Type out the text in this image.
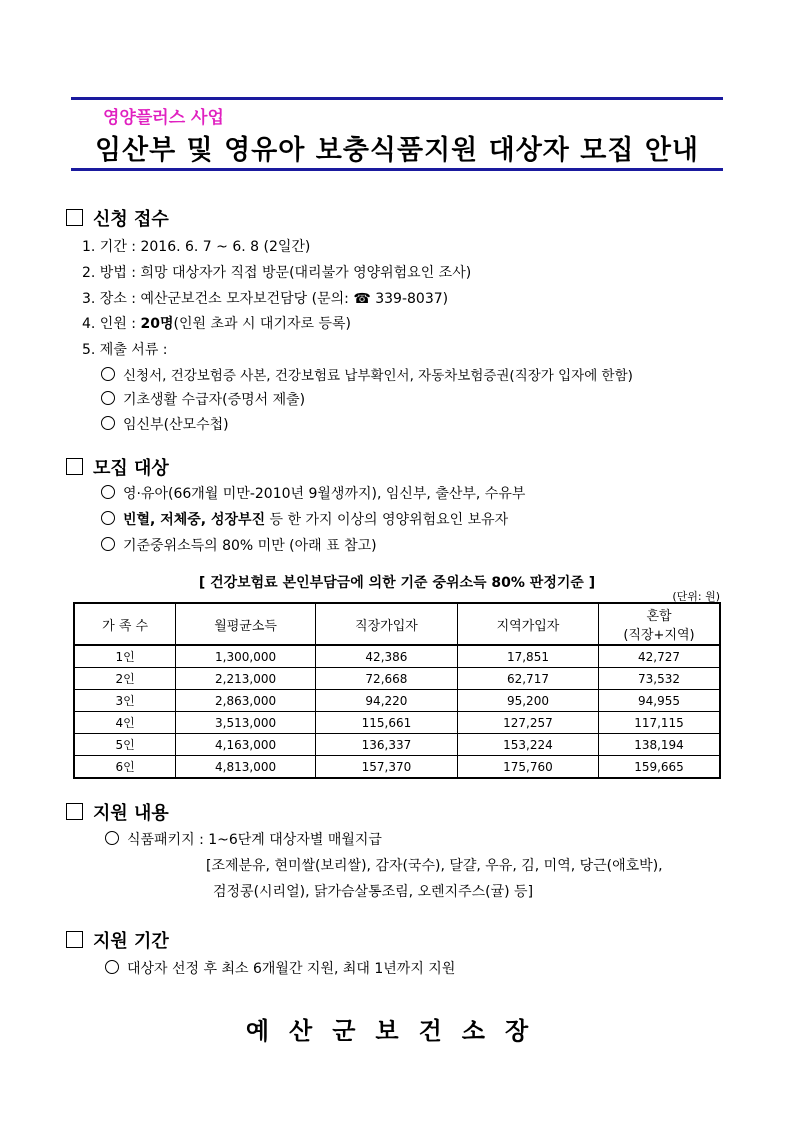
영양플러스 사업
임산부 및 영유아 보충식품지원 대상자 모집 안내
신청 접수
1. 기간 : 2016. 6. 7 ~ 6. 8 (2일간)
2. 방법 : 희망 대상자가 직접 방문(대리불가 영양위험요인 조사)
3. 장소 : 예산군보건소 모자보건담당 (문의: ☎ 339-8037)
4. 인원 : 20명(인원 초과 시 대기자로 등록)
5. 제출 서류 :
신청서, 건강보험증 사본, 건강보험료 납부확인서, 자동차보험증권(직장가 입자에 한함)
기초생활 수급자(증명서 제출)
임신부(산모수첩)
모집 대상
영·유아(66개월 미만-2010년 9월생까지), 임신부, 출산부, 수유부
빈혈, 저체중, 성장부진 등 한 가지 이상의 영양위험요인 보유자
기준중위소득의 80% 미만 (아래 표 참고)
[ 건강보험료 본인부담금에 의한 기준 중위소득 80% 판정기준 ]
(단위: 원)
가 족 수	월평균소득	직장가입자	지역가입자	혼합
(직장+지역)
1인	1,300,000	42,386	17,851	42,727
2인	2,213,000	72,668	62,717	73,532
3인	2,863,000	94,220	95,200	94,955
4인	3,513,000	115,661	127,257	117,115
5인	4,163,000	136,337	153,224	138,194
6인	4,813,000	157,370	175,760	159,665
지원 내용
식품패키지 : 1~6단계 대상자별 매월지급
[조제분유, 현미쌀(보리쌀), 감자(국수), 달걀, 우유, 김, 미역, 당근(애호박),
검정콩(시리얼), 닭가슴살통조림, 오렌지주스(귤) 등]
지원 기간
대상자 선정 후 최소 6개월간 지원, 최대 1년까지 지원
예산군보건소장
